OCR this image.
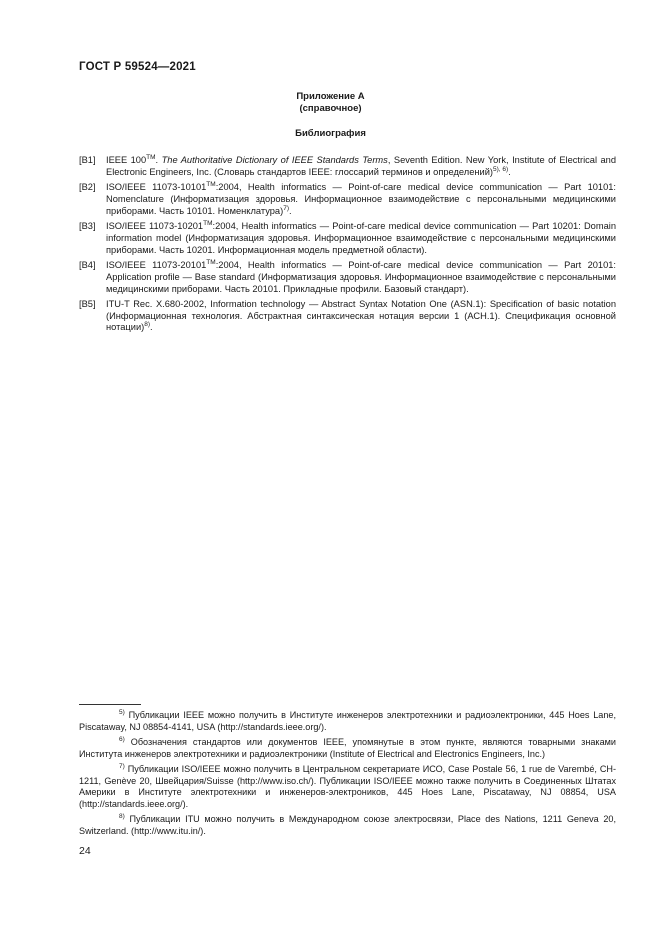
ГОСТ Р 59524—2021
Приложение А
(справочное)
Библиография
[B1]	IEEE 100™. The Authoritative Dictionary of IEEE Standards Terms, Seventh Edition. New York, Institute of Electrical and Electronic Engineers, Inc. (Словарь стандартов IEEE: глоссарий терминов и определений)$^{5), 6)}$.
[B2]	ISO/IEEE 11073-10101™:2004, Health informatics — Point-of-care medical device communication — Part 10101: Nomenclature (Информатизация здоровья. Информационное взаимодействие с персональными медицинскими приборами. Часть 10101. Номенклатура)$^{7)}$.
[B3]	ISO/IEEE 11073-10201™:2004, Health informatics — Point-of-care medical device communication — Part 10201: Domain information model (Информатизация здоровья. Информационное взаимодействие с персональными медицинскими приборами. Часть 10201. Информационная модель предметной области).
[B4]	ISO/IEEE 11073-20101™:2004, Health informatics — Point-of-care medical device communication — Part 20101: Application profile — Base standard (Информатизация здоровья. Информационное взаимодействие с персональными медицинскими приборами. Часть 20101. Прикладные профили. Базовый стандарт).
[B5]	ITU-T Rec. X.680-2002, Information technology — Abstract Syntax Notation One (ASN.1): Specification of basic notation (Информационная технология. Абстрактная синтаксическая нотация версии 1 (АСН.1). Спецификация основной нотации)$^{8)}$.
$^{5)}$ Публикации IEEE можно получить в Институте инженеров электротехники и радиоэлектроники, 445 Hoes Lane, Piscataway, NJ 08854-4141, USA (http://standards.ieee.org/).
$^{6)}$ Обозначения стандартов или документов IEEE, упомянутые в этом пункте, являются товарными знаками Института инженеров электротехники и радиоэлектроники (Institute of Electrical and Electronics Engineers, Inc.)
$^{7)}$ Публикации ISO/IEEE можно получить в Центральном секретариате ИСО, Case Postale 56, 1 rue de Varembé, CH-1211, Genève 20, Швейцария/Suisse (http://www.iso.ch/). Публикации ISO/IEEE можно также получить в Соединенных Штатах Америки в Институте электротехники и инженеров-электроников, 445 Hoes Lane, Piscataway, NJ 08854, USA (http://standards.ieee.org/).
$^{8)}$ Публикации ITU можно получить в Международном союзе электросвязи, Place des Nations, 1211 Geneva 20, Switzerland. (http://www.itu.in/).
24
